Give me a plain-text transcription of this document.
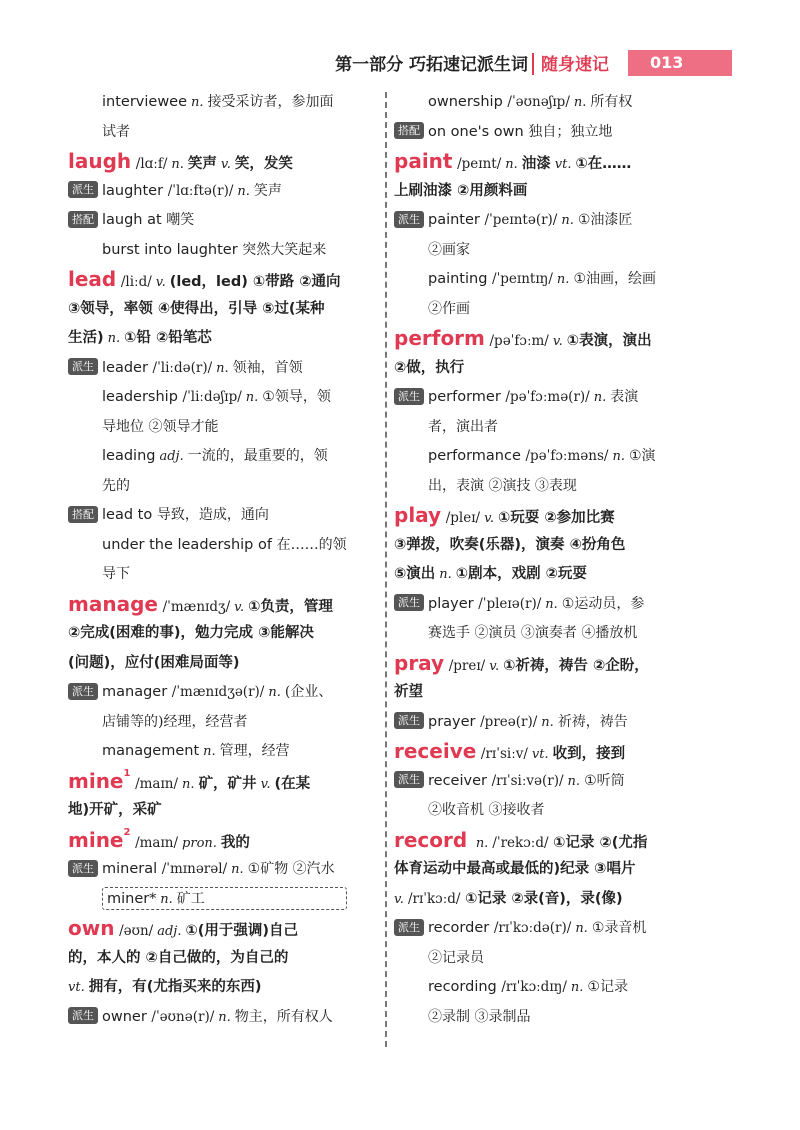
第一部分 巧拓速记派生词 随身速记	013
interviewee n. 接受采访者，参加面
试者
laugh /lɑːf/ n. 笑声 v. 笑，发笑
派生 laughter /ˈlɑːftə(r)/ n. 笑声
搭配 laugh at 嘲笑
burst into laughter 突然大笑起来
lead /liːd/ v. (led，led) ①带路 ②通向
③领导，率领 ④使得出，引导 ⑤过(某种
生活) n. ①铅 ②铅笔芯
派生 leader /ˈliːdə(r)/ n. 领袖，首领
leadership /ˈliːdəʃɪp/ n. ①领导，领
导地位 ②领导才能
leading adj. 一流的，最重要的，领
先的
搭配 lead to 导致，造成，通向
under the leadership of 在……的领
导下
manage /ˈmænɪdʒ/ v. ①负责，管理
②完成(困难的事)，勉力完成 ③能解决
(问题)，应付(困难局面等)
派生 manager /ˈmænɪdʒə(r)/ n. (企业、
店铺等的)经理，经营者
management n. 管理，经营
mine$^1$ /maɪn/ n. 矿，矿井 v. (在某
地)开矿，采矿
mine$^2$ /maɪn/ pron. 我的
派生 mineral /ˈmɪnərəl/ n. ①矿物 ②汽水
miner* n. 矿工
own /əʊn/ adj. ①(用于强调)自己
的，本人的 ②自己做的，为自己的
vt. 拥有，有(尤指买来的东西)
派生 owner /ˈəʊnə(r)/ n. 物主，所有权人
ownership /ˈəʊnəʃɪp/ n. 所有权
搭配 on one's own 独自；独立地
paint /peɪnt/ n. 油漆 vt. ①在……
上刷油漆 ②用颜料画
派生 painter /ˈpeɪntə(r)/ n. ①油漆匠
②画家
painting /ˈpeɪntɪŋ/ n. ①油画，绘画
②作画
perform /pəˈfɔːm/ v. ①表演，演出
②做，执行
派生 performer /pəˈfɔːmə(r)/ n. 表演
者，演出者
performance /pəˈfɔːməns/ n. ①演
出，表演 ②演技 ③表现
play /pleɪ/ v. ①玩耍 ②参加比赛
③弹拨，吹奏(乐器)，演奏 ④扮角色
⑤演出 n. ①剧本，戏剧 ②玩耍
派生 player /ˈpleɪə(r)/ n. ①运动员，参
赛选手 ②演员 ③演奏者 ④播放机
pray /preɪ/ v. ①祈祷，祷告 ②企盼，
祈望
派生 prayer /preə(r)/ n. 祈祷，祷告
receive /rɪˈsiːv/ vt. 收到，接到
派生 receiver /rɪˈsiːvə(r)/ n. ①听筒
②收音机 ③接收者
record n. /ˈrekɔːd/ ①记录 ②(尤指
体育运动中最高或最低的)纪录 ③唱片
v. /rɪˈkɔːd/ ①记录 ②录(音)，录(像)
派生 recorder /rɪˈkɔːdə(r)/ n. ①录音机
②记录员
recording /rɪˈkɔːdɪŋ/ n. ①记录
②录制 ③录制品
